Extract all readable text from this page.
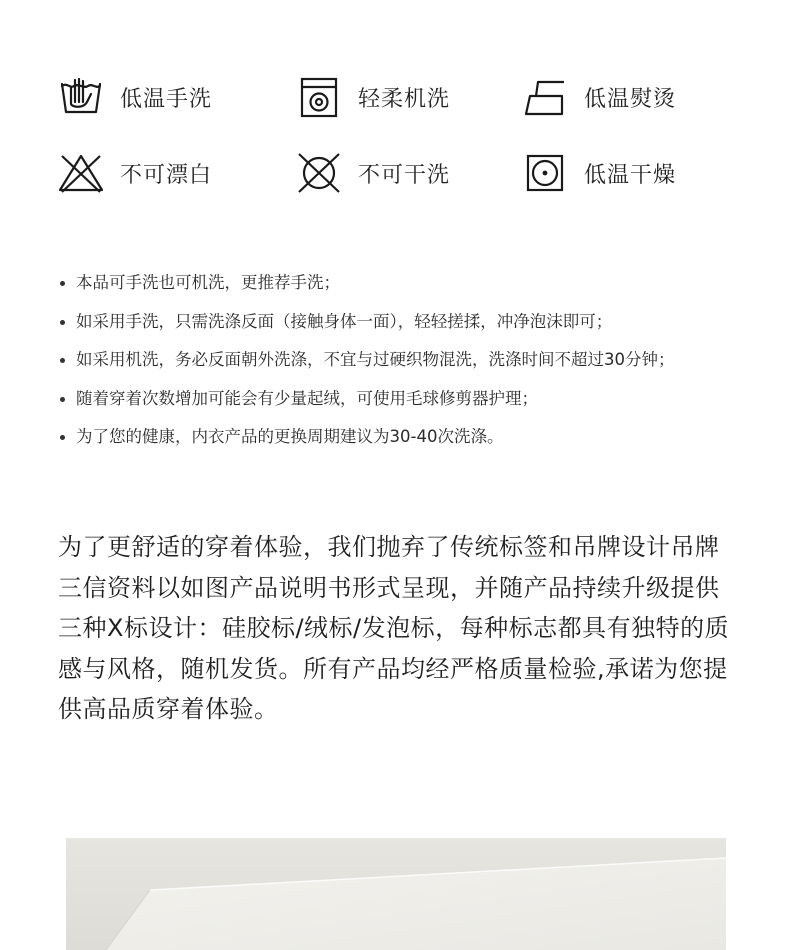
低温手洗	轻柔机洗	低温熨烫
不可漂白	不可干洗	低温干燥
本品可手洗也可机洗，更推荐手洗；
如采用手洗，只需洗涤反面（接触身体一面），轻轻搓揉，冲净泡沫即可；
如采用机洗，务必反面朝外洗涤，不宜与过硬织物混洗，洗涤时间不超过30分钟；
随着穿着次数增加可能会有少量起绒，可使用毛球修剪器护理；
为了您的健康，内衣产品的更换周期建议为30-40次洗涤。

为了更舒适的穿着体验，我们抛弃了传统标签和吊牌设计吊牌三信资料以如图产品说明书形式呈现，并随产品持续升级提供三种X标设计：硅胶标/绒标/发泡标，每种标志都具有独特的质感与风格，随机发货。所有产品均经严格质量检验,承诺为您提供高品质穿着体验。
